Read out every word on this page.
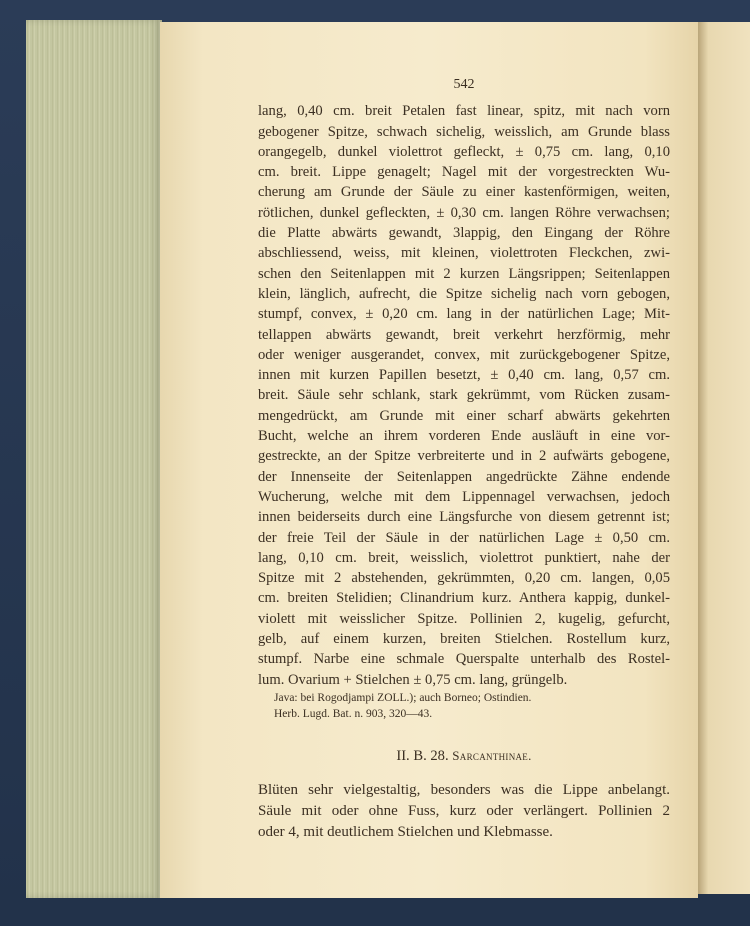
542
lang, 0,40 cm. breit Petalen fast linear, spitz, mit nach vorn
gebogener Spitze, schwach sichelig, weisslich, am Grunde blass
orangegelb, dunkel violettrot gefleckt, ± 0,75 cm. lang, 0,10
cm. breit. Lippe genagelt; Nagel mit der vorgestreckten Wu-
cherung am Grunde der Säule zu einer kastenförmigen, weiten,
rötlichen, dunkel gefleckten, ± 0,30 cm. langen Röhre verwachsen;
die Platte abwärts gewandt, 3lappig, den Eingang der Röhre
abschliessend, weiss, mit kleinen, violettroten Fleckchen, zwi-
schen den Seitenlappen mit 2 kurzen Längsrippen; Seitenlappen
klein, länglich, aufrecht, die Spitze sichelig nach vorn gebogen,
stumpf, convex, ± 0,20 cm. lang in der natürlichen Lage; Mit-
tellappen abwärts gewandt, breit verkehrt herzförmig, mehr
oder weniger ausgerandet, convex, mit zurückgebogener Spitze,
innen mit kurzen Papillen besetzt, ± 0,40 cm. lang, 0,57 cm.
breit. Säule sehr schlank, stark gekrümmt, vom Rücken zusam-
mengedrückt, am Grunde mit einer scharf abwärts gekehrten
Bucht, welche an ihrem vorderen Ende ausläuft in eine vor-
gestreckte, an der Spitze verbreiterte und in 2 aufwärts gebogene,
der Innenseite der Seitenlappen angedrückte Zähne endende
Wucherung, welche mit dem Lippennagel verwachsen, jedoch
innen beiderseits durch eine Längsfurche von diesem getrennt ist;
der freie Teil der Säule in der natürlichen Lage ± 0,50 cm.
lang, 0,10 cm. breit, weisslich, violettrot punktiert, nahe der
Spitze mit 2 abstehenden, gekrümmten, 0,20 cm. langen, 0,05
cm. breiten Stelidien; Clinandrium kurz. Anthera kappig, dunkel-
violett mit weisslicher Spitze. Pollinien 2, kugelig, gefurcht,
gelb, auf einem kurzen, breiten Stielchen. Rostellum kurz,
stumpf. Narbe eine schmale Querspalte unterhalb des Rostel-
lum. Ovarium + Stielchen ± 0,75 cm. lang, grüngelb.
Java: bei Rogodjampi ZOLL.); auch Borneo; Ostindien.
Herb. Lugd. Bat. n. 903, 320—43.
II. B. 28. Sarcanthinae.
Blüten sehr vielgestaltig, besonders was die Lippe anbelangt.
Säule mit oder ohne Fuss, kurz oder verlängert. Pollinien 2
oder 4, mit deutlichem Stielchen und Klebmasse.
